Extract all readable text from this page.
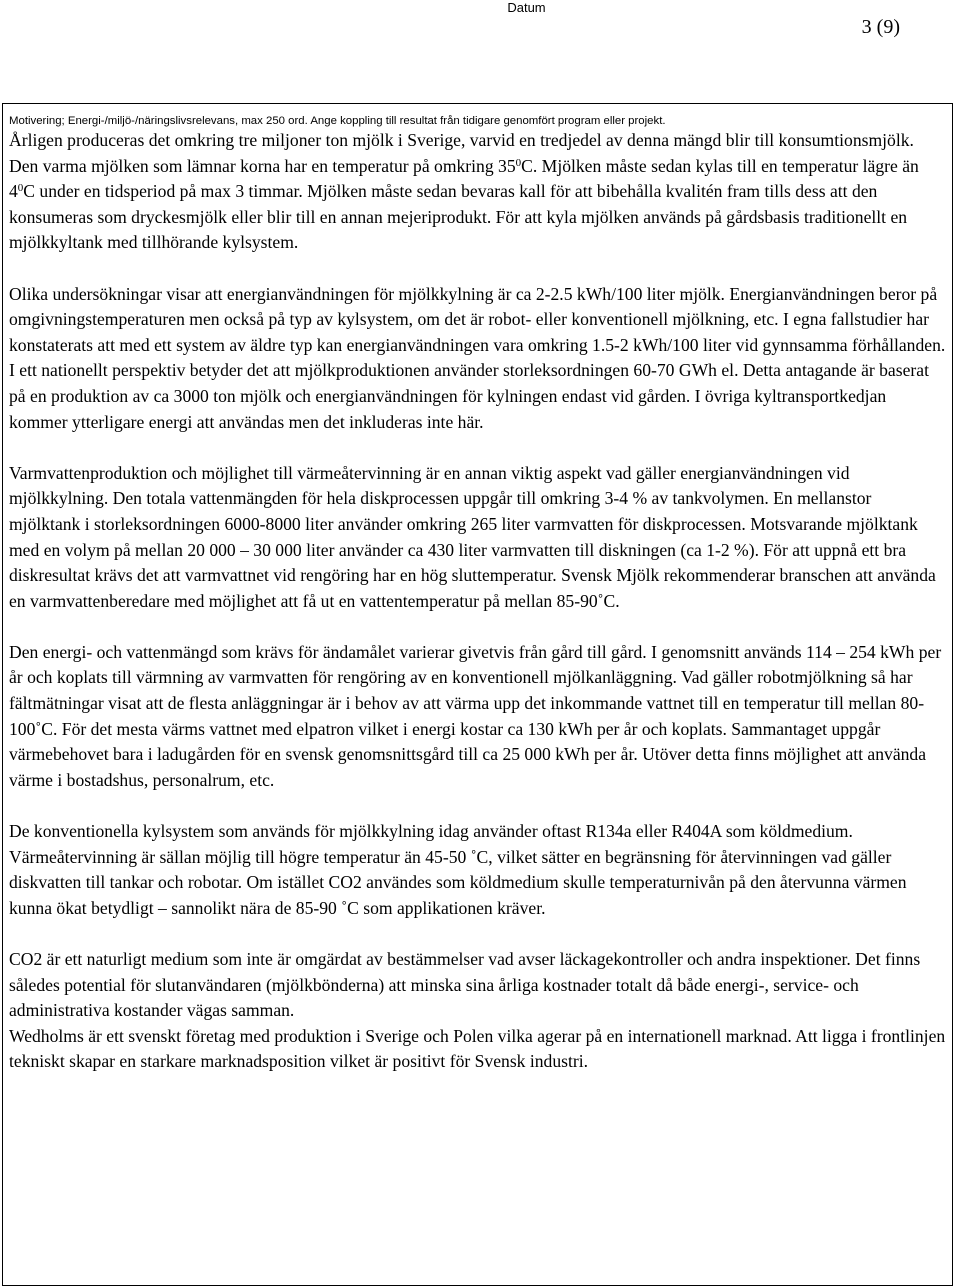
Datum
3 (9)
Motivering; Energi-/miljö-/näringslivsrelevans, max 250 ord. Ange koppling till resultat från tidigare genomfört program eller projekt.

Årligen produceras det omkring tre miljoner ton mjölk i Sverige, varvid en tredjedel av denna mängd blir till konsumtionsmjölk. Den varma mjölken som lämnar korna har en temperatur på omkring $35^0C$. Mjölken måste sedan kylas till en temperatur lägre än $4^0C$ under en tidsperiod på max 3 timmar. Mjölken måste sedan bevaras kall för att bibehålla kvalitén fram tills dess att den konsumeras som dryckesmjölk eller blir till en annan mejeriprodukt. För att kyla mjölken används på gårdsbasis traditionellt en mjölkkyltank med tillhörande kylsystem.

Olika undersökningar visar att energianvändningen för mjölkkylning är ca 2-2.5 kWh/100 liter mjölk. Energianvändningen beror på omgivningstemperaturen men också på typ av kylsystem, om det är robot- eller konventionell mjölkning, etc. I egna fallstudier har konstaterats att med ett system av äldre typ kan energianvändningen vara omkring 1.5-2 kWh/100 liter vid gynnsamma förhållanden. I ett nationellt perspektiv betyder det att mjölkproduktionen använder storleksordningen 60-70 GWh el. Detta antagande är baserat på en produktion av ca 3000 ton mjölk och energianvändningen för kylningen endast vid gården. I övriga kyltransportkedjan kommer ytterligare energi att användas men det inkluderas inte här.

Varmvattenproduktion och möjlighet till värmeåtervinning är en annan viktig aspekt vad gäller energianvändningen vid mjölkkylning. Den totala vattenmängden för hela diskprocessen uppgår till omkring 3-4 % av tankvolymen. En mellanstor mjölktank i storleksordningen 6000-8000 liter använder omkring 265 liter varmvatten för diskprocessen. Motsvarande mjölktank med en volym på mellan 20 000 – 30 000 liter använder ca 430 liter varmvatten till diskningen (ca 1-2 %). För att uppnå ett bra diskresultat krävs det att varmvattnet vid rengöring har en hög sluttemperatur. Svensk Mjölk rekommenderar branschen att använda en varmvattenberedare med möjlighet att få ut en vattentemperatur på mellan 85-90˚C.

Den energi- och vattenmängd som krävs för ändamålet varierar givetvis från gård till gård. I genomsnitt används 114 – 254 kWh per år och koplats till värmning av varmvatten för rengöring av en konventionell mjölkanläggning. Vad gäller robotmjölkning så har fältmätningar visat att de flesta anläggningar är i behov av att värma upp det inkommande vattnet till en temperatur till mellan 80-100˚C. För det mesta värms vattnet med elpatron vilket i energi kostar ca 130 kWh per år och koplats. Sammantaget uppgår värmebehovet bara i ladugården för en svensk genomsnittsgård till ca 25 000 kWh per år. Utöver detta finns möjlighet att använda värme i bostadshus, personalrum, etc.

De konventionella kylsystem som används för mjölkkylning idag använder oftast R134a eller R404A som köldmedium. Värmeåtervinning är sällan möjlig till högre temperatur än 45-50 ˚C, vilket sätter en begränsning för återvinningen vad gäller diskvatten till tankar och robotar. Om istället CO2 användes som köldmedium skulle temperaturnivån på den återvunna värmen kunna ökat betydligt – sannolikt nära de 85-90 ˚C som applikationen kräver.

CO2 är ett naturligt medium som inte är omgärdat av bestämmelser vad avser läckagekontroller och andra inspektioner. Det finns således potential för slutanvändaren (mjölkbönderna) att minska sina årliga kostnader totalt då både energi-, service- och administrativa kostander vägas samman.

Wedholms är ett svenskt företag med produktion i Sverige och Polen vilka agerar på en internationell marknad. Att ligga i frontlinjen tekniskt skapar en starkare marknadsposition vilket är positivt för Svensk industri.
